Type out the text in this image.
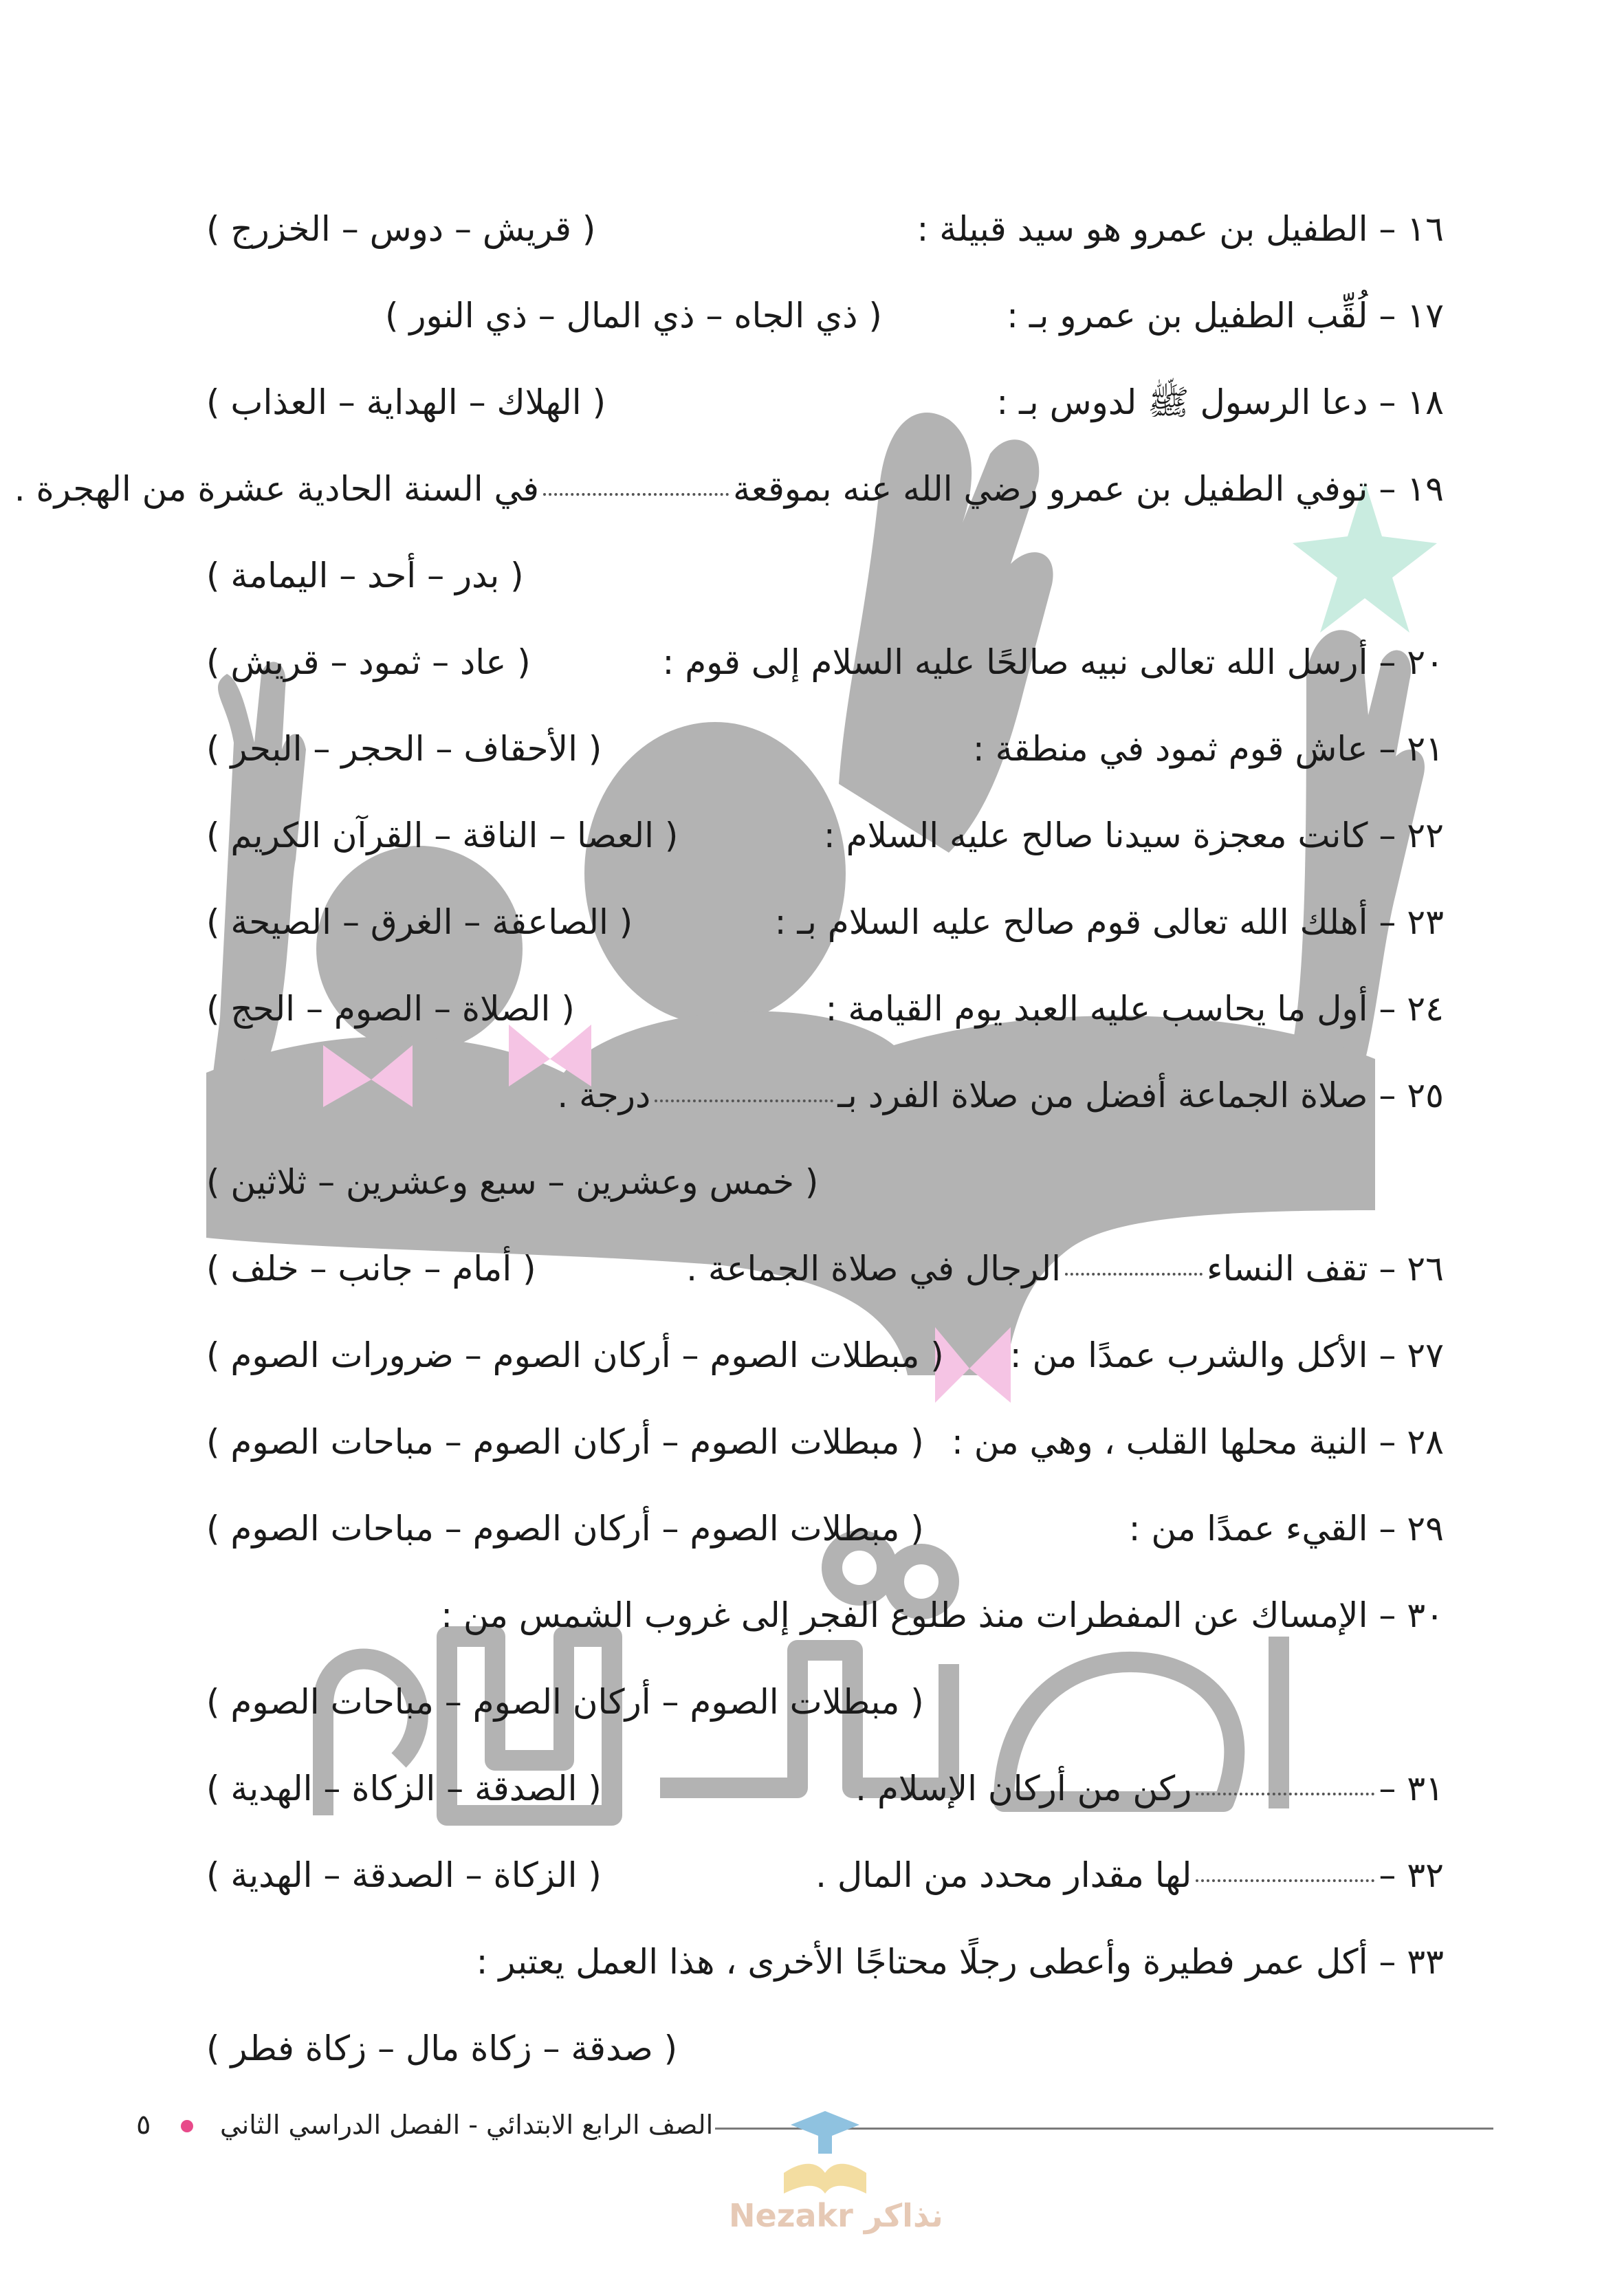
١٦ – الطفيل بن عمرو هو سيد قبيلة :
( قريش – دوس – الخزرج )
١٧ – لُقِّب الطفيل بن عمرو بـ :
( ذي الجاه – ذي المال – ذي النور )
١٨ – دعا الرسول ﷺ لدوس بـ :
( الهلاك – الهداية – العذاب )
١٩ – توفي الطفيل بن عمرو رضي الله عنه بموقعةفي السنة الحادية عشرة من الهجرة .
( بدر – أحد – اليمامة )
٢٠ – أرسل الله تعالى نبيه صالحًا عليه السلام إلى قوم :
( عاد – ثمود – قريش )
٢١ – عاش قوم ثمود في منطقة :
( الأحقاف – الحجر – البحر )
٢٢ – كانت معجزة سيدنا صالح عليه السلام :
( العصا – الناقة – القرآن الكريم )
٢٣ – أهلك الله تعالى قوم صالح عليه السلام بـ :
( الصاعقة – الغرق – الصيحة )
٢٤ – أول ما يحاسب عليه العبد يوم القيامة :
( الصلاة – الصوم – الحج )
٢٥ – صلاة الجماعة أفضل من صلاة الفرد بـدرجة .
( خمس وعشرين – سبع وعشرين – ثلاثين )
٢٦ – تقف النساءالرجال في صلاة الجماعة .
( أمام – جانب – خلف )
٢٧ – الأكل والشرب عمدًا من :
( مبطلات الصوم – أركان الصوم – ضرورات الصوم )
٢٨ – النية محلها القلب ، وهي من :
( مبطلات الصوم – أركان الصوم – مباحات الصوم )
٢٩ – القيء عمدًا من :
( مبطلات الصوم – أركان الصوم – مباحات الصوم )
٣٠ – الإمساك عن المفطرات منذ طلوع الفجر إلى غروب الشمس من :
( مبطلات الصوم – أركان الصوم – مباحات الصوم )
٣١ –ركن من أركان الإسلام .
( الصدقة – الزكاة – الهدية )
٣٢ –لها مقدار محدد من المال .
( الزكاة – الصدقة – الهدية )
٣٣ – أكل عمر فطيرة وأعطى رجلًا محتاجًا الأخرى ، هذا العمل يعتبر :
( صدقة – زكاة مال – زكاة فطر )
الصف الرابع الابتدائي - الفصل الدراسي الثاني
٥
Nezakr نذاكر
